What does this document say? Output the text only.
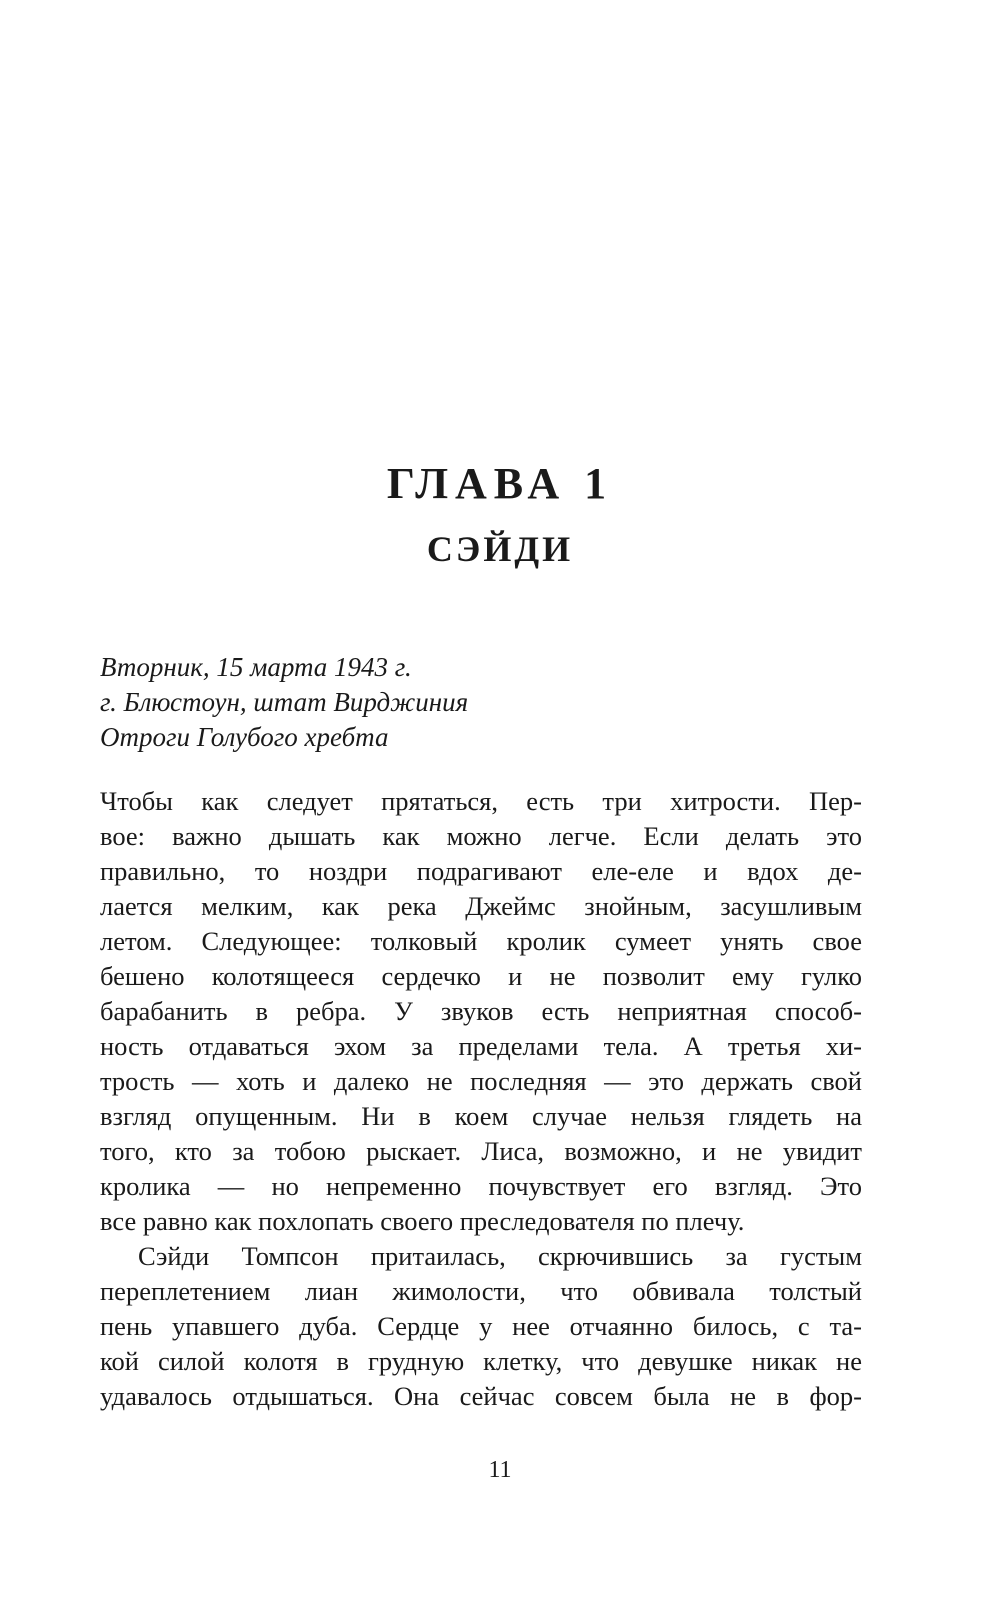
ГЛАВА 1
СЭЙДИ
Вторник, 15 марта 1943 г.
г. Блюстоун, штат Вирджиния
Отроги Голубого хребта
Чтобы как следует прятаться, есть три хитрости. Пер-
вое: важно дышать как можно легче. Если делать это
правильно, то ноздри подрагивают еле-еле и вдох де-
лается мелким, как река Джеймс знойным, засушливым
летом. Следующее: толковый кролик сумеет унять свое
бешено колотящееся сердечко и не позволит ему гулко
барабанить в ребра. У звуков есть неприятная способ-
ность отдаваться эхом за пределами тела. А третья хи-
трость — хоть и далеко не последняя — это держать свой
взгляд опущенным. Ни в коем случае нельзя глядеть на
того, кто за тобою рыскает. Лиса, возможно, и не увидит
кролика — но непременно почувствует его взгляд. Это
все равно как похлопать своего преследователя по плечу.
Сэйди Томпсон притаилась, скрючившись за густым
переплетением лиан жимолости, что обвивала толстый
пень упавшего дуба. Сердце у нее отчаянно билось, с та-
кой силой колотя в грудную клетку, что девушке никак не
удавалось отдышаться. Она сейчас совсем была не в фор-
11
